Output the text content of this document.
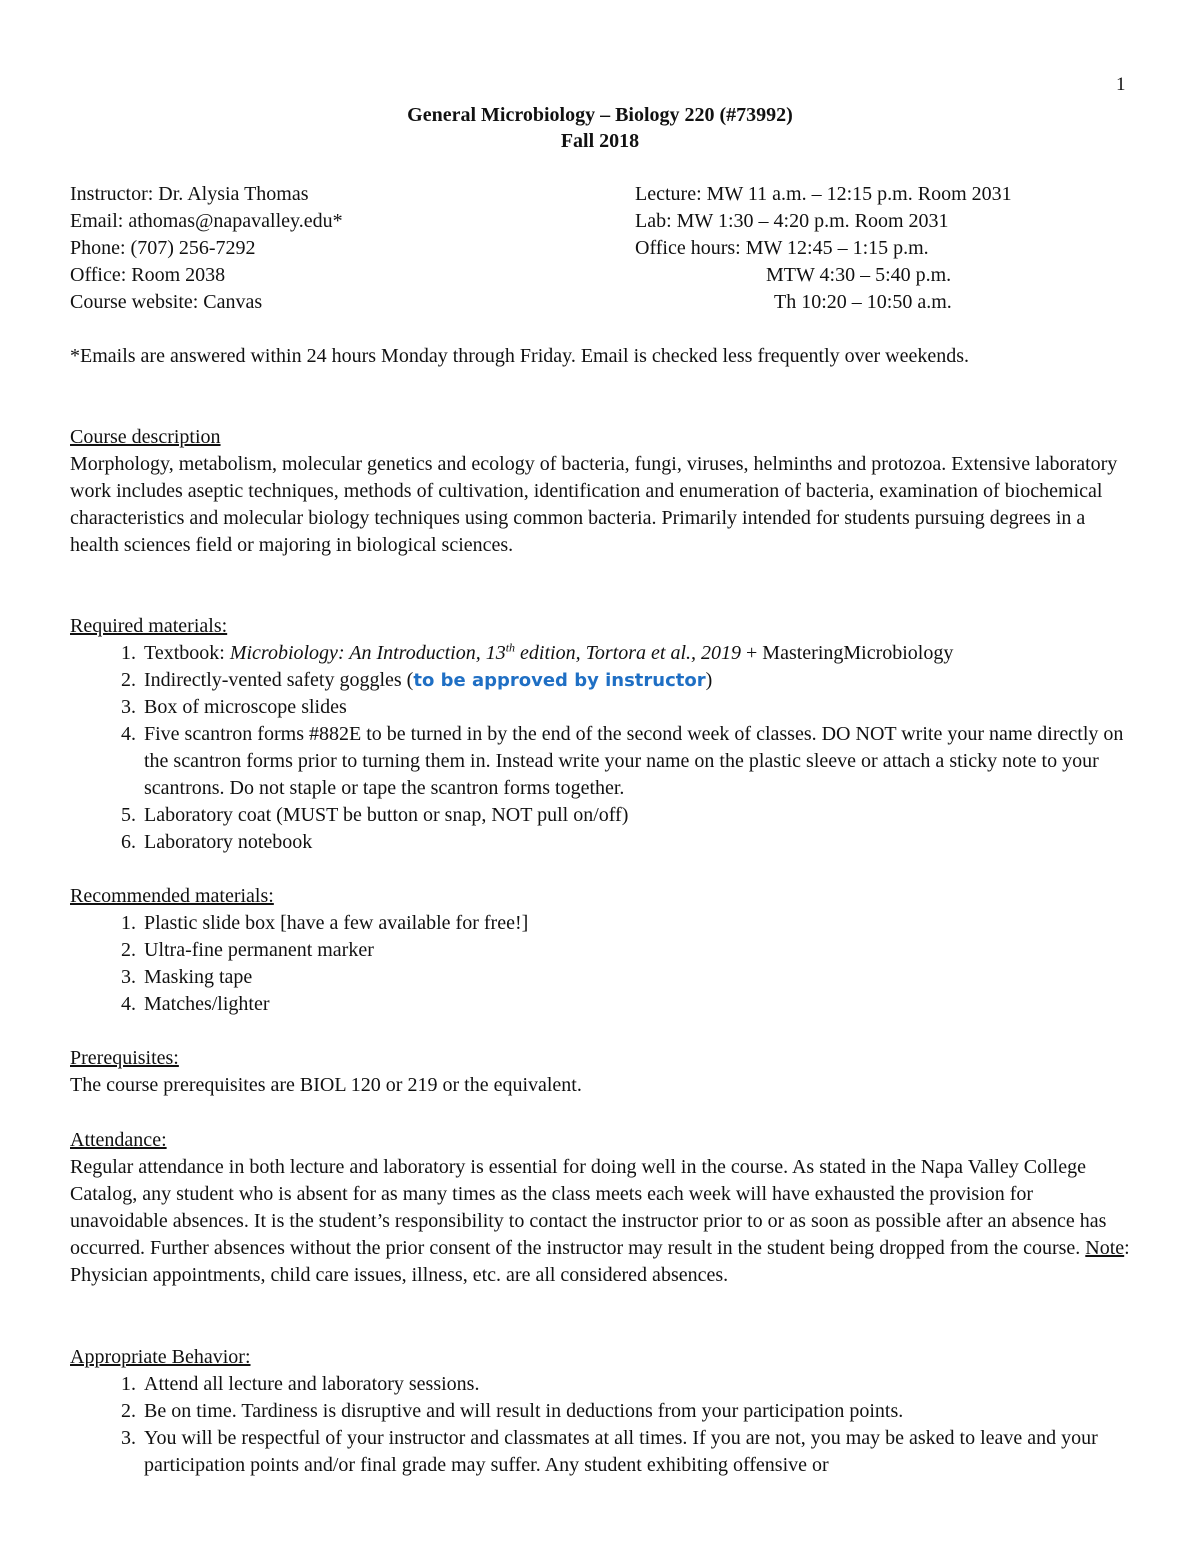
1
General Microbiology – Biology 220 (#73992)
Fall 2018
Instructor: Dr. Alysia Thomas
Email: athomas@napavalley.edu*
Phone: (707) 256-7292
Office: Room 2038
Course website: Canvas
Lecture: MW 11 a.m. – 12:15 p.m. Room 2031
Lab: MW 1:30 – 4:20 p.m. Room 2031
Office hours: MW 12:45 – 1:15 p.m.
MTW 4:30 – 5:40 p.m.
Th 10:20 – 10:50 a.m.

*Emails are answered within 24 hours Monday through Friday. Email is checked less frequently over weekends.

Course description

Morphology, metabolism, molecular genetics and ecology of bacteria, fungi, viruses, helminths and protozoa. Extensive laboratory work includes aseptic techniques, methods of cultivation, identification and enumeration of bacteria, examination of biochemical characteristics and molecular biology techniques using common bacteria. Primarily intended for students pursuing degrees in a health sciences field or majoring in biological sciences.

Required materials:

1. Textbook: Microbiology: An Introduction, 13th edition, Tortora et al., 2019 + MasteringMicrobiology
2. Indirectly-vented safety goggles (to be approved by instructor)
3. Box of microscope slides
4. Five scantron forms #882E to be turned in by the end of the second week of classes. DO NOT write your name directly on the scantron forms prior to turning them in. Instead write your name on the plastic sleeve or attach a sticky note to your scantrons. Do not staple or tape the scantron forms together.
5. Laboratory coat (MUST be button or snap, NOT pull on/off)
6. Laboratory notebook

Recommended materials:

1. Plastic slide box [have a few available for free!]
2. Ultra-fine permanent marker
3. Masking tape
4. Matches/lighter

Prerequisites:

The course prerequisites are BIOL 120 or 219 or the equivalent.

Attendance:

Regular attendance in both lecture and laboratory is essential for doing well in the course. As stated in the Napa Valley College Catalog, any student who is absent for as many times as the class meets each week will have exhausted the provision for unavoidable absences. It is the student’s responsibility to contact the instructor prior to or as soon as possible after an absence has occurred. Further absences without the prior consent of the instructor may result in the student being dropped from the course. Note: Physician appointments, child care issues, illness, etc. are all considered absences.

Appropriate Behavior:

1. Attend all lecture and laboratory sessions.
2. Be on time. Tardiness is disruptive and will result in deductions from your participation points.
3. You will be respectful of your instructor and classmates at all times. If you are not, you may be asked to leave and your participation points and/or final grade may suffer. Any student exhibiting offensive or
